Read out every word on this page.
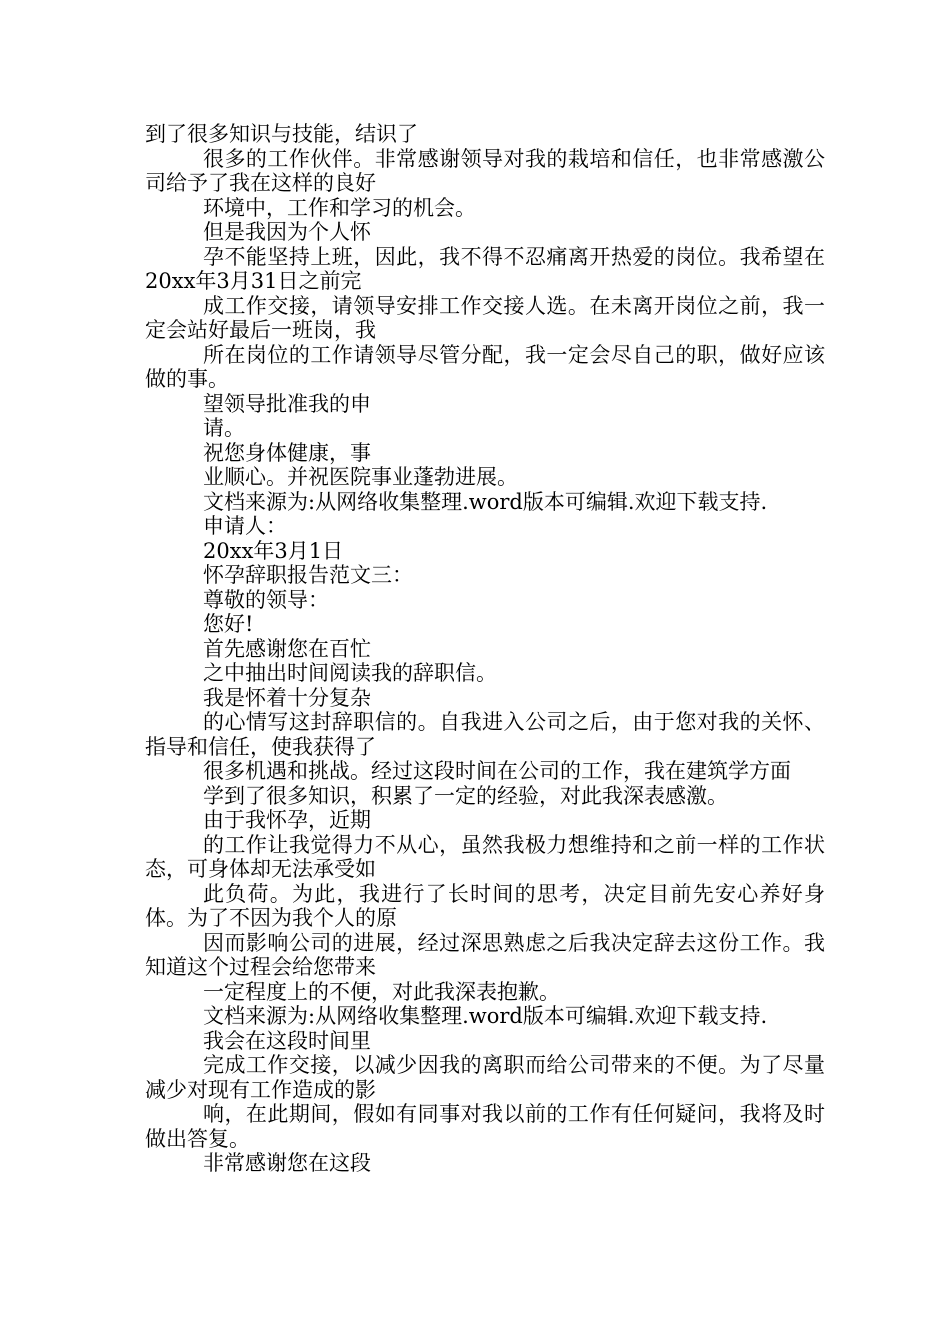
到了很多知识与技能，结识了

很多的工作伙伴。非常感谢领导对我的栽培和信任，也非常感激公司给予了我在这样的良好

环境中，工作和学习的机会。

但是我因为个人怀

孕不能坚持上班，因此，我不得不忍痛离开热爱的岗位。我希望在20xx年3月31日之前完

成工作交接，请领导安排工作交接人选。在未离开岗位之前，我一定会站好最后一班岗，我

所在岗位的工作请领导尽管分配，我一定会尽自己的职，做好应该做的事。

望领导批准我的申

请。

祝您身体健康，事

业顺心。并祝医院事业蓬勃进展。

文档来源为:从网络收集整理.word版本可编辑.欢迎下载支持.

申请人：

20xx年3月1日

怀孕辞职报告范文三：

尊敬的领导：

您好!

首先感谢您在百忙

之中抽出时间阅读我的辞职信。

我是怀着十分复杂

的心情写这封辞职信的。自我进入公司之后，由于您对我的关怀、指导和信任，使我获得了

很多机遇和挑战。经过这段时间在公司的工作，我在建筑学方面

学到了很多知识，积累了一定的经验，对此我深表感激。

由于我怀孕，近期

的工作让我觉得力不从心，虽然我极力想维持和之前一样的工作状态，可身体却无法承受如

此负荷。为此，我进行了长时间的思考，决定目前先安心养好身体。为了不因为我个人的原

因而影响公司的进展，经过深思熟虑之后我决定辞去这份工作。我知道这个过程会给您带来

一定程度上的不便，对此我深表抱歉。

文档来源为:从网络收集整理.word版本可编辑.欢迎下载支持.

我会在这段时间里

完成工作交接，以减少因我的离职而给公司带来的不便。为了尽量减少对现有工作造成的影

响，在此期间，假如有同事对我以前的工作有任何疑问，我将及时做出答复。

非常感谢您在这段
